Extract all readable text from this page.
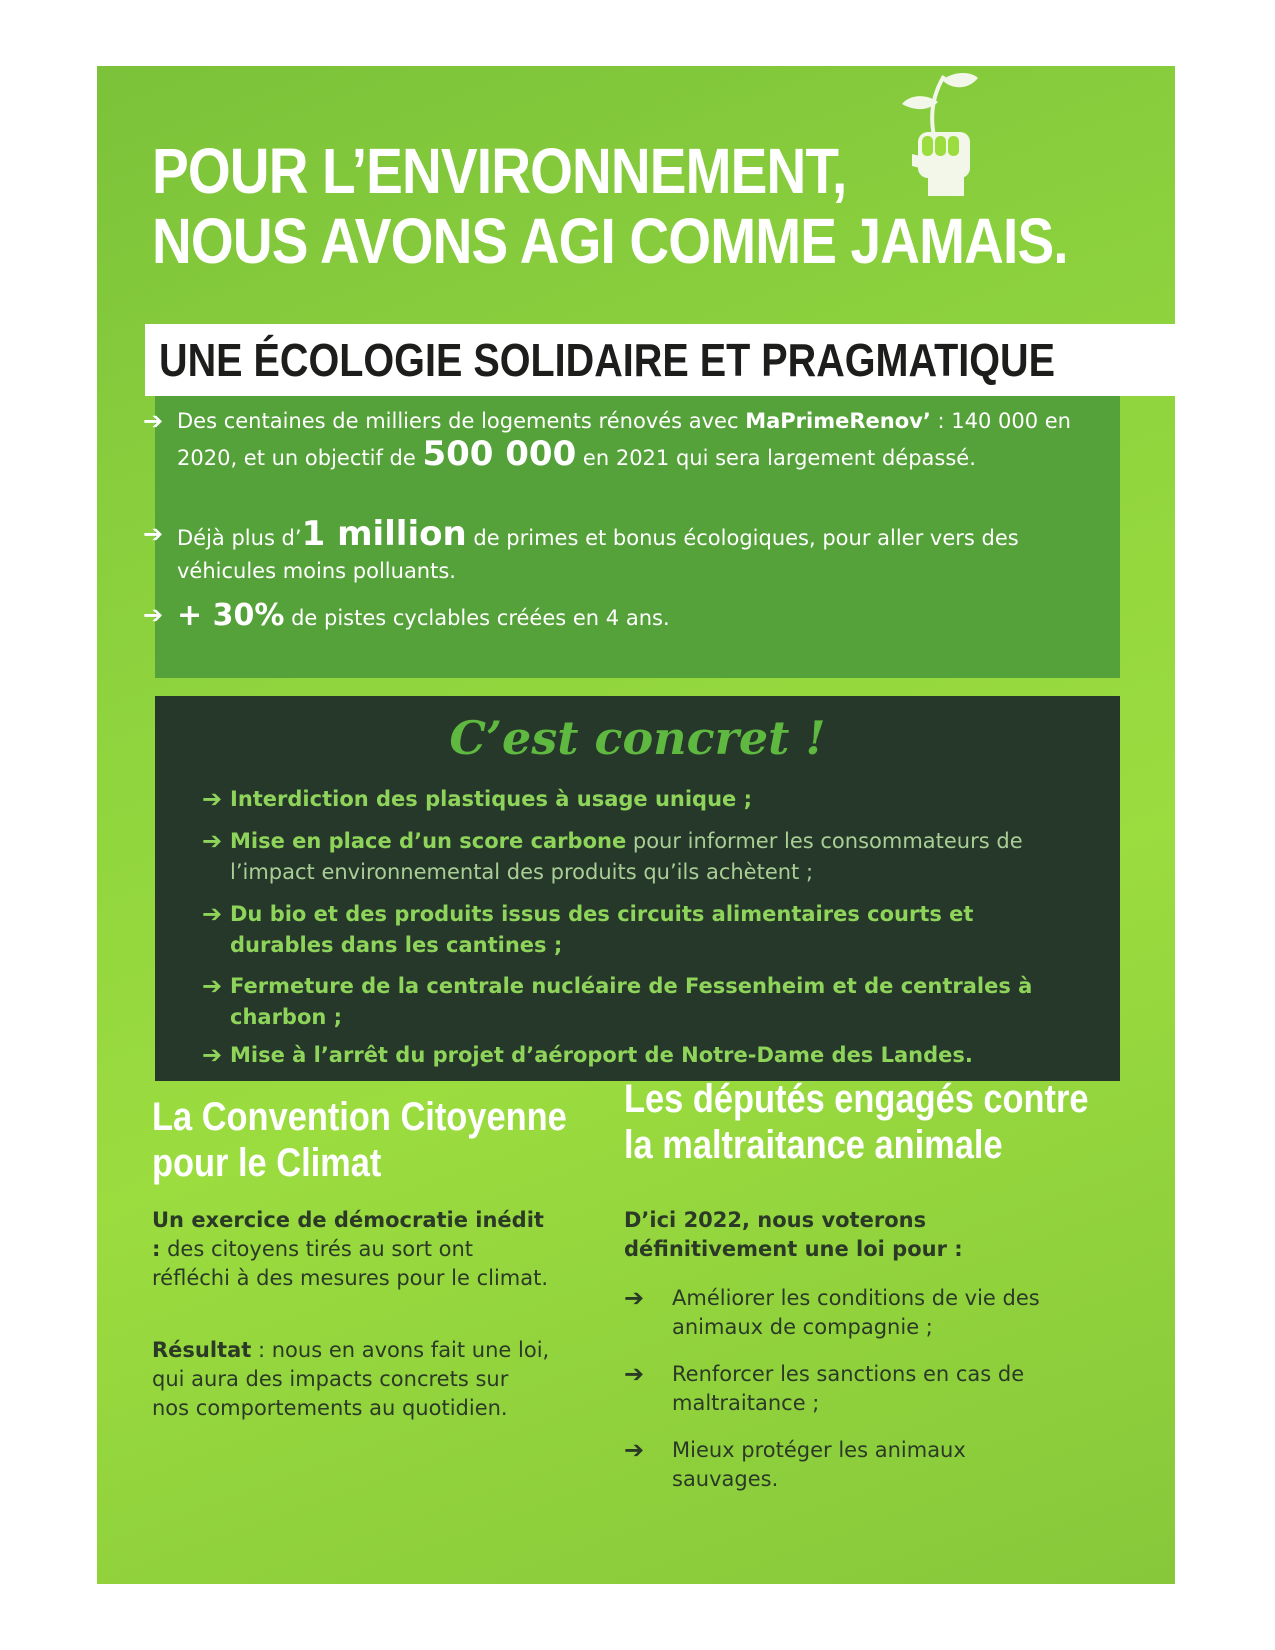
POUR L’ENVIRONNEMENT,
NOUS AVONS AGI COMME JAMAIS.
UNE ÉCOLOGIE SOLIDAIRE ET PRAGMATIQUE
➔ Des centaines de milliers de logements rénovés avec MaPrimeRenov’ : 140 000 en 2020, et un objectif de 500 000 en 2021 qui sera largement dépassé.
➔ Déjà plus d’1 million de primes et bonus écologiques, pour aller vers des véhicules moins polluants.
➔ + 30% de pistes cyclables créées en 4 ans.
C’est concret !
➔ Interdiction des plastiques à usage unique ;
➔ Mise en place d’un score carbone pour informer les consommateurs de l’impact environnemental des produits qu’ils achètent ;
➔ Du bio et des produits issus des circuits alimentaires courts et durables dans les cantines ;
➔ Fermeture de la centrale nucléaire de Fessenheim et de centrales à charbon ;
➔ Mise à l’arrêt du projet d’aéroport de Notre-Dame des Landes.
La Convention Citoyenne
pour le Climat
Un exercice de démocratie inédit : des citoyens tirés au sort ont réfléchi à des mesures pour le climat.
Résultat : nous en avons fait une loi, qui aura des impacts concrets sur nos comportements au quotidien.
Les députés engagés contre
la maltraitance animale
D’ici 2022, nous voterons définitivement une loi pour :
➔ Améliorer les conditions de vie des animaux de compagnie ;
➔ Renforcer les sanctions en cas de maltraitance ;
➔ Mieux protéger les animaux sauvages.
